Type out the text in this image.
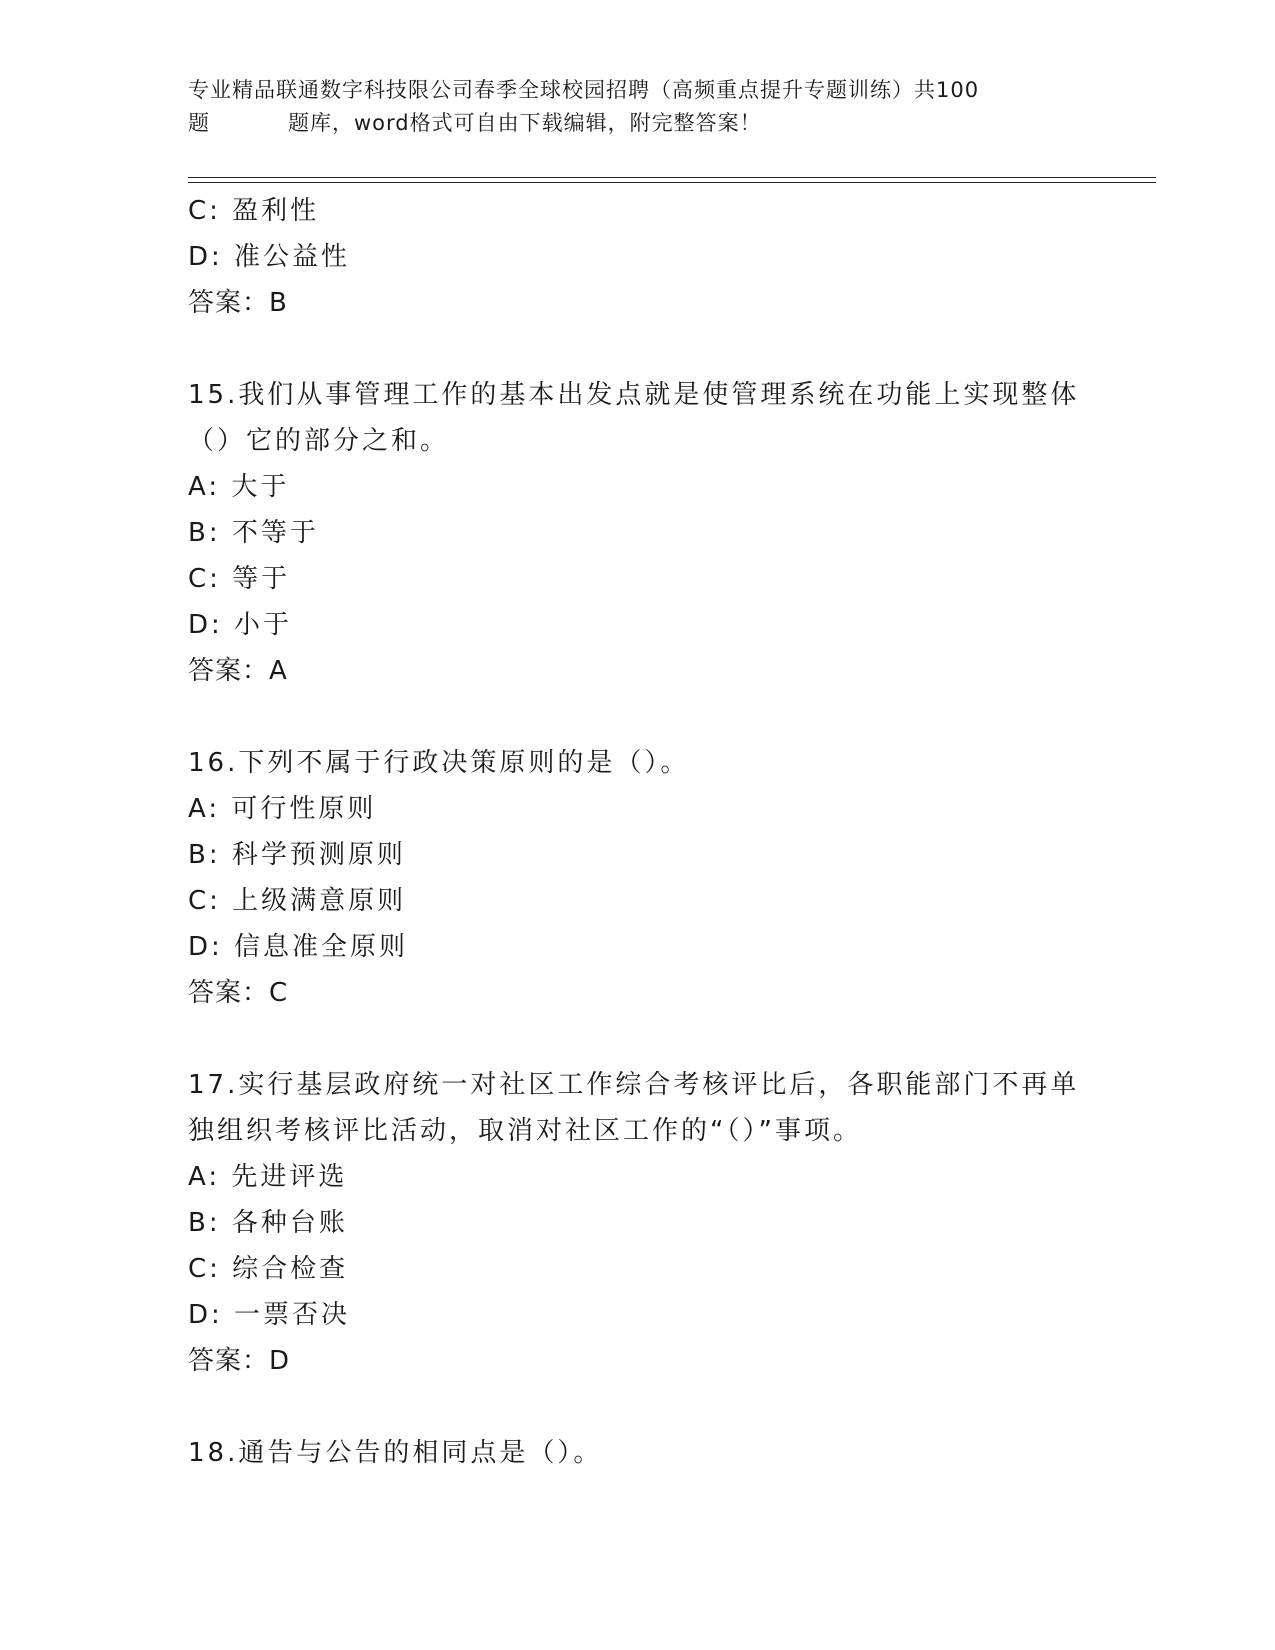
专业精品联通数字科技限公司春季全球校园招聘（高频重点提升专题训练）共100
题	题库，word格式可自由下载编辑，附完整答案！
C: 盈利性
D: 准公益性
答案：B
15.我们从事管理工作的基本出发点就是使管理系统在功能上实现整体
（）它的部分之和。
A: 大于
B: 不等于
C: 等于
D: 小于
答案：A
16.下列不属于行政决策原则的是（）。
A: 可行性原则
B: 科学预测原则
C: 上级满意原则
D: 信息准全原则
答案：C
17.实行基层政府统一对社区工作综合考核评比后，各职能部门不再单
独组织考核评比活动，取消对社区工作的“（）”事项。
A: 先进评选
B: 各种台账
C: 综合检查
D: 一票否决
答案：D
18.通告与公告的相同点是（）。
